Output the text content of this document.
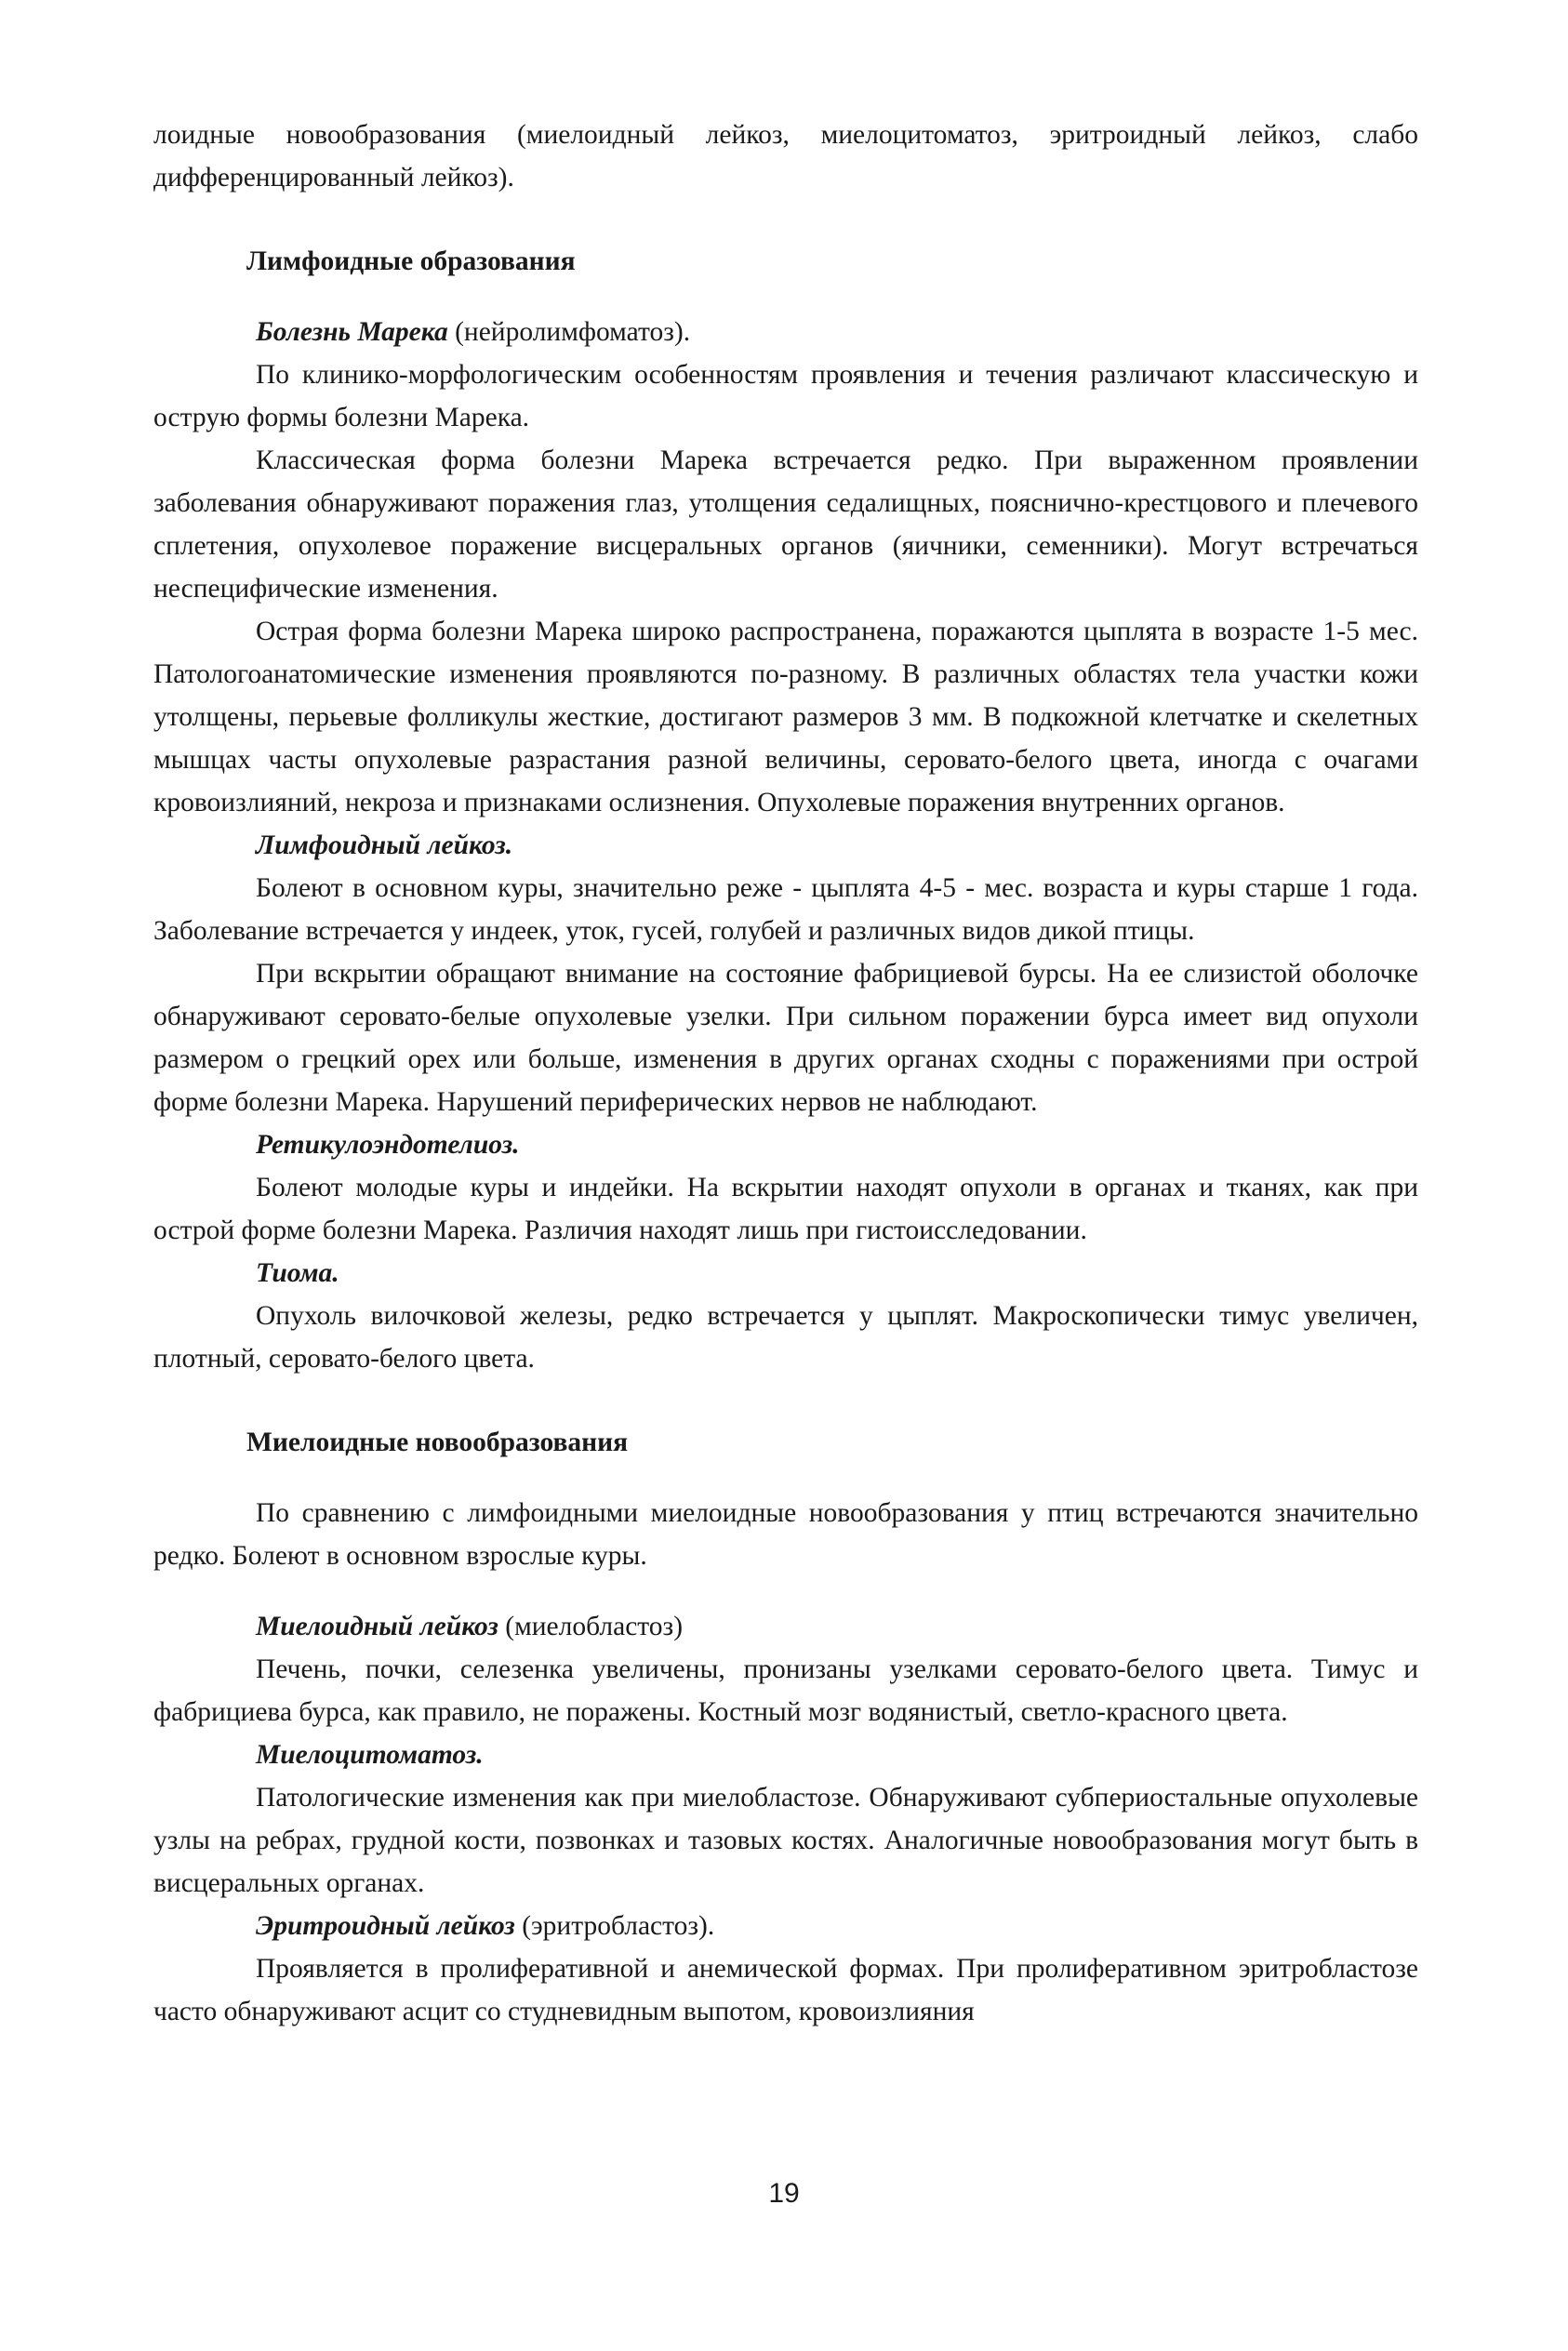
лоидные новообразования (миелоидный лейкоз, миелоцитоматоз, эритроидный лейкоз, слабо дифференцированный лейкоз).

Лимфоидные образования
Болезнь Марека (нейролимфоматоз).

По клинико-морфологическим особенностям проявления и течения различают классическую и острую формы болезни Марека.

Классическая форма болезни Марека встречается редко. При выраженном проявлении заболевания обнаруживают поражения глаз, утолщения седалищных, пояснично-крестцового и плечевого сплетения, опухолевое поражение висцеральных органов (яичники, семенники). Могут встречаться неспецифические изменения.

Острая форма болезни Марека широко распространена, поражаются цыплята в возрасте 1-5 мес. Патологоанатомические изменения проявляются по-разному. В различных областях тела участки кожи утолщены, перьевые фолликулы жесткие, достигают размеров 3 мм. В подкожной клетчатке и скелетных мышцах часты опухолевые разрастания разной величины, серовато-белого цвета, иногда с очагами кровоизлияний, некроза и признаками ослизнения. Опухолевые поражения внутренних органов.

Лимфоидный лейкоз.

Болеют в основном куры, значительно реже - цыплята 4-5 - мес. возраста и куры старше 1 года. Заболевание встречается у индеек, уток, гусей, голубей и различных видов дикой птицы.

При вскрытии обращают внимание на состояние фабрициевой бурсы. На ее слизистой оболочке обнаруживают серовато-белые опухолевые узелки. При сильном поражении бурса имеет вид опухоли размером о грецкий орех или больше, изменения в других органах сходны с поражениями при острой форме болезни Марека. Нарушений периферических нервов не наблюдают.

Ретикулоэндотелиоз.

Болеют молодые куры и индейки. На вскрытии находят опухоли в органах и тканях, как при острой форме болезни Марека. Различия находят лишь при гистоисследовании.

Тиома.

Опухоль вилочковой железы, редко встречается у цыплят. Макроскопически тимус увеличен, плотный, серовато-белого цвета.

Миелоидные новообразования

По сравнению с лимфоидными миелоидные новообразования у птиц встречаются значительно редко. Болеют в основном взрослые куры.

Миелоидный лейкоз (миелобластоз)

Печень, почки, селезенка увеличены, пронизаны узелками серовато-белого цвета. Тимус и фабрициева бурса, как правило, не поражены. Костный мозг водянистый, светло-красного цвета.

Миелоцитоматоз.

Патологические изменения как при миелобластозе. Обнаруживают субпериостальные опухолевые узлы на ребрах, грудной кости, позвонках и тазовых костях. Аналогичные новообразования могут быть в висцеральных органах.

Эритроидный лейкоз (эритробластоз).

Проявляется в пролиферативной и анемической формах. При пролиферативном эритробластозе часто обнаруживают асцит со студневидным выпотом, кровоизлияния

19
